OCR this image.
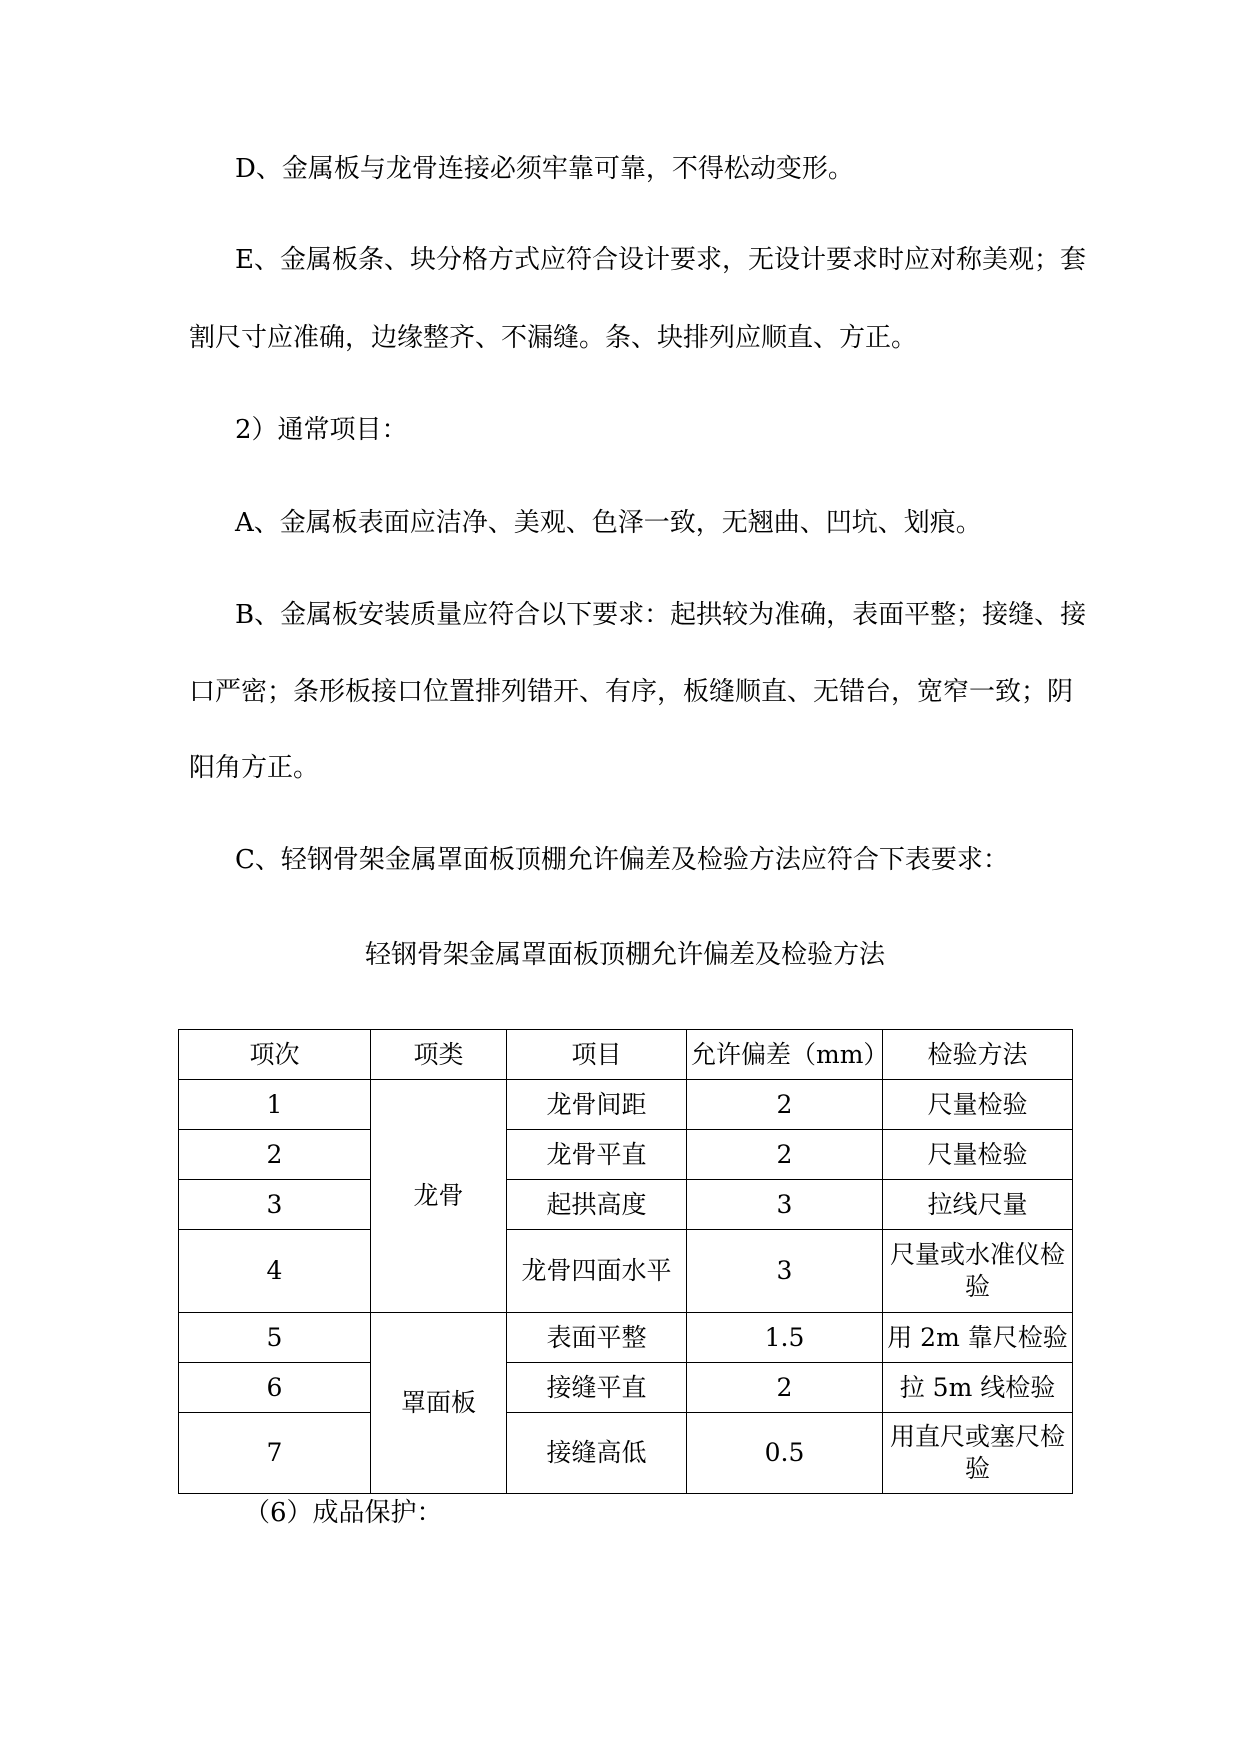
D、金属板与龙骨连接必须牢靠可靠，不得松动变形。

E、金属板条、块分格方式应符合设计要求，无设计要求时应对称美观；套

割尺寸应准确，边缘整齐、不漏缝。条、块排列应顺直、方正。

2）通常项目：

A、金属板表面应洁净、美观、色泽一致，无翘曲、凹坑、划痕。

B、金属板安装质量应符合以下要求：起拱较为准确，表面平整；接缝、接

口严密；条形板接口位置排列错开、有序，板缝顺直、无错台，宽窄一致；阴

阳角方正。

C、轻钢骨架金属罩面板顶棚允许偏差及检验方法应符合下表要求：

轻钢骨架金属罩面板顶棚允许偏差及检验方法

项次	项类	项目	允许偏差（mm）	检验方法
1	龙骨	龙骨间距	2	尺量检验
2		龙骨平直	2	尺量检验
3		起拱高度	3	拉线尺量
4		龙骨四面水平	3	尺量或水准仪检验
5	罩面板	表面平整	1.5	用 2m 靠尺检验
6		接缝平直	2	拉 5m 线检验
7		接缝高低	0.5	用直尺或塞尺检验

（6）成品保护：
